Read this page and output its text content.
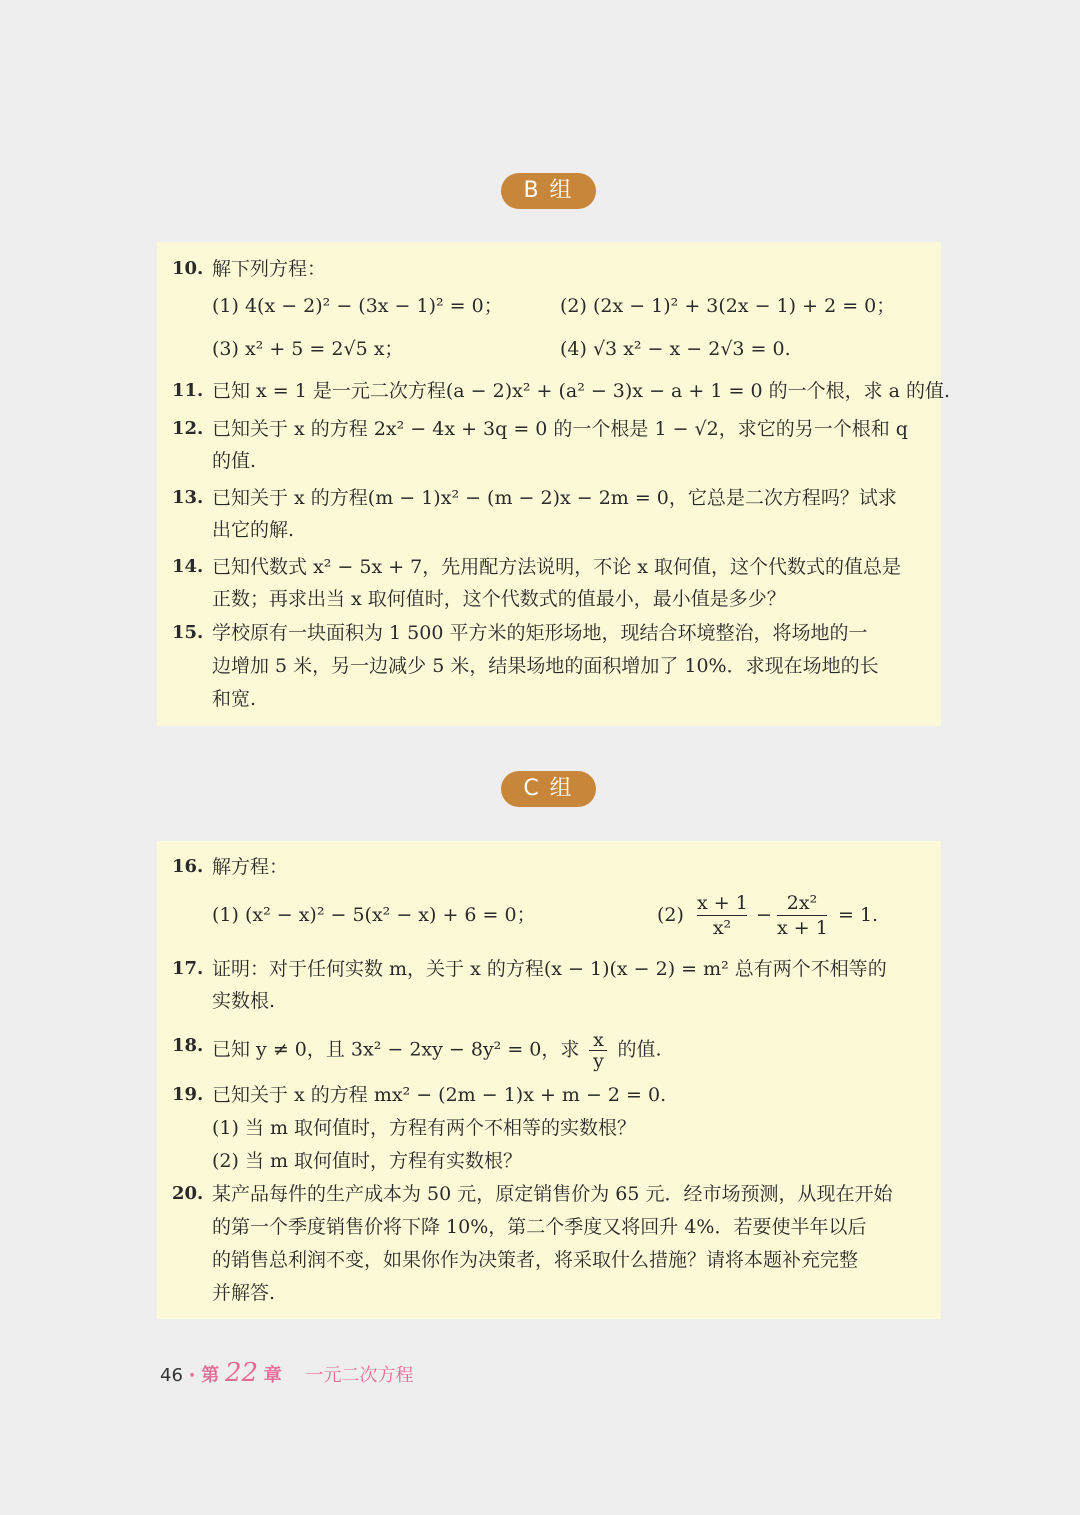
B 组
10. 解下列方程：
(1) 4(x − 2)² − (3x − 1)² = 0；	(2) (2x − 1)² + 3(2x − 1) + 2 = 0；
(3) x² + 5 = 2√5 x；	(4) √3 x² − x − 2√3 = 0.
11. 已知 x = 1 是一元二次方程(a − 2)x² + (a² − 3)x − a + 1 = 0 的一个根，求 a 的值.
12. 已知关于 x 的方程 2x² − 4x + 3q = 0 的一个根是 1 − √2，求它的另一个根和 q
的值.
13. 已知关于 x 的方程(m − 1)x² − (m − 2)x − 2m = 0，它总是二次方程吗？试求
出它的解.
14. 已知代数式 x² − 5x + 7，先用配方法说明，不论 x 取何值，这个代数式的值总是
正数；再求出当 x 取何值时，这个代数式的值最小，最小值是多少？
15. 学校原有一块面积为 1 500 平方米的矩形场地，现结合环境整治，将场地的一
边增加 5 米，另一边减少 5 米，结果场地的面积增加了 10%．求现在场地的长
和宽.
C 组
16. 解方程：
(1) (x² − x)² − 5(x² − x) + 6 = 0；	$(2) \frac{x + 1}{\text{x²}} - \frac{\text{2x²}}{x + 1} = 1$.
17. 证明：对于任何实数 m，关于 x 的方程(x − 1)(x − 2) = m² 总有两个不相等的
实数根.
18. 已知 y ≠ 0，且 3x² − 2xy − 8y² = 0，求 $\frac{x}{y}$ 的值.
19. 已知关于 x 的方程 mx² − (2m − 1)x + m − 2 = 0.
(1) 当 m 取何值时，方程有两个不相等的实数根？
(2) 当 m 取何值时，方程有实数根？
20. 某产品每件的生产成本为 50 元，原定销售价为 65 元．经市场预测，从现在开始
的第一个季度销售价将下降 10%，第二个季度又将回升 4%．若要使半年以后
的销售总利润不变，如果你作为决策者，将采取什么措施？请将本题补充完整
并解答.
46 · 第 22 章 一元二次方程
